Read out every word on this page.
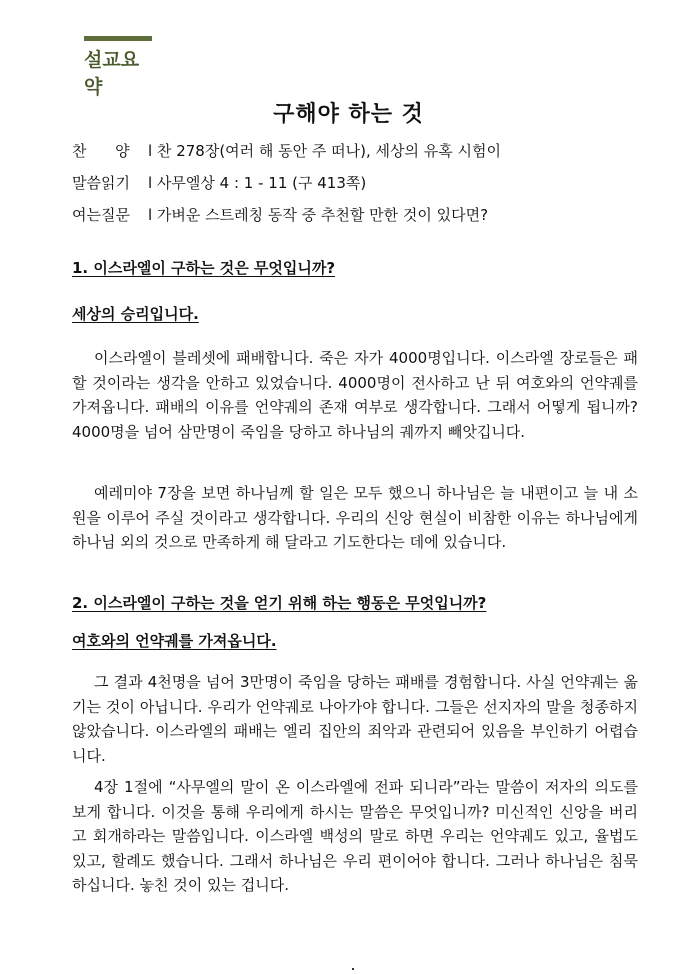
설교요약
구해야 하는 것
찬      양 l 찬 278장(여러 해 동안 주 떠나), 세상의 유혹 시험이
말씀읽기 l 사무엘상 4 : 1 - 11 (구 413쪽)
여는질문 l 가벼운 스트레칭 동작 중 추천할 만한 것이 있다면?
1. 이스라엘이 구하는 것은 무엇입니까?
세상의 승리입니다.

이스라엘이 블레셋에 패배합니다. 죽은 자가 4000명입니다. 이스라엘 장로들은 패할 것이라는 생각을 안하고 있었습니다. 4000명이 전사하고 난 뒤 여호와의 언약궤를 가져옵니다. 패배의 이유를 언약궤의 존재 여부로 생각합니다. 그래서 어떻게 됩니까? 4000명을 넘어 삼만명이 죽임을 당하고 하나님의 궤까지 빼앗깁니다.

예레미야 7장을 보면 하나님께 할 일은 모두 했으니 하나님은 늘 내편이고 늘 내 소원을 이루어 주실 것이라고 생각합니다. 우리의 신앙 현실이 비참한 이유는 하나님에게 하나님 외의 것으로 만족하게 해 달라고 기도한다는 데에 있습니다.

2. 이스라엘이 구하는 것을 얻기 위해 하는 행동은 무엇입니까?
여호와의 언약궤를 가져옵니다.

그 결과 4천명을 넘어 3만명이 죽임을 당하는 패배를 경험합니다. 사실 언약궤는 옮기는 것이 아닙니다. 우리가 언약궤로 나아가야 합니다. 그들은 선지자의 말을 청종하지 않았습니다. 이스라엘의 패배는 엘리 집안의 죄악과 관련되어 있음을 부인하기 어렵습니다.

4장 1절에 “사무엘의 말이 온 이스라엘에 전파 되니라”라는 말씀이 저자의 의도를 보게 합니다. 이것을 통해 우리에게 하시는 말씀은 무엇입니까? 미신적인 신앙을 버리고 회개하라는 말씀입니다. 이스라엘 백성의 말로 하면 우리는 언약궤도 있고, 율법도 있고, 할례도 했습니다. 그래서 하나님은 우리 편이어야 합니다. 그러나 하나님은 침묵하십니다. 놓친 것이 있는 겁니다.
